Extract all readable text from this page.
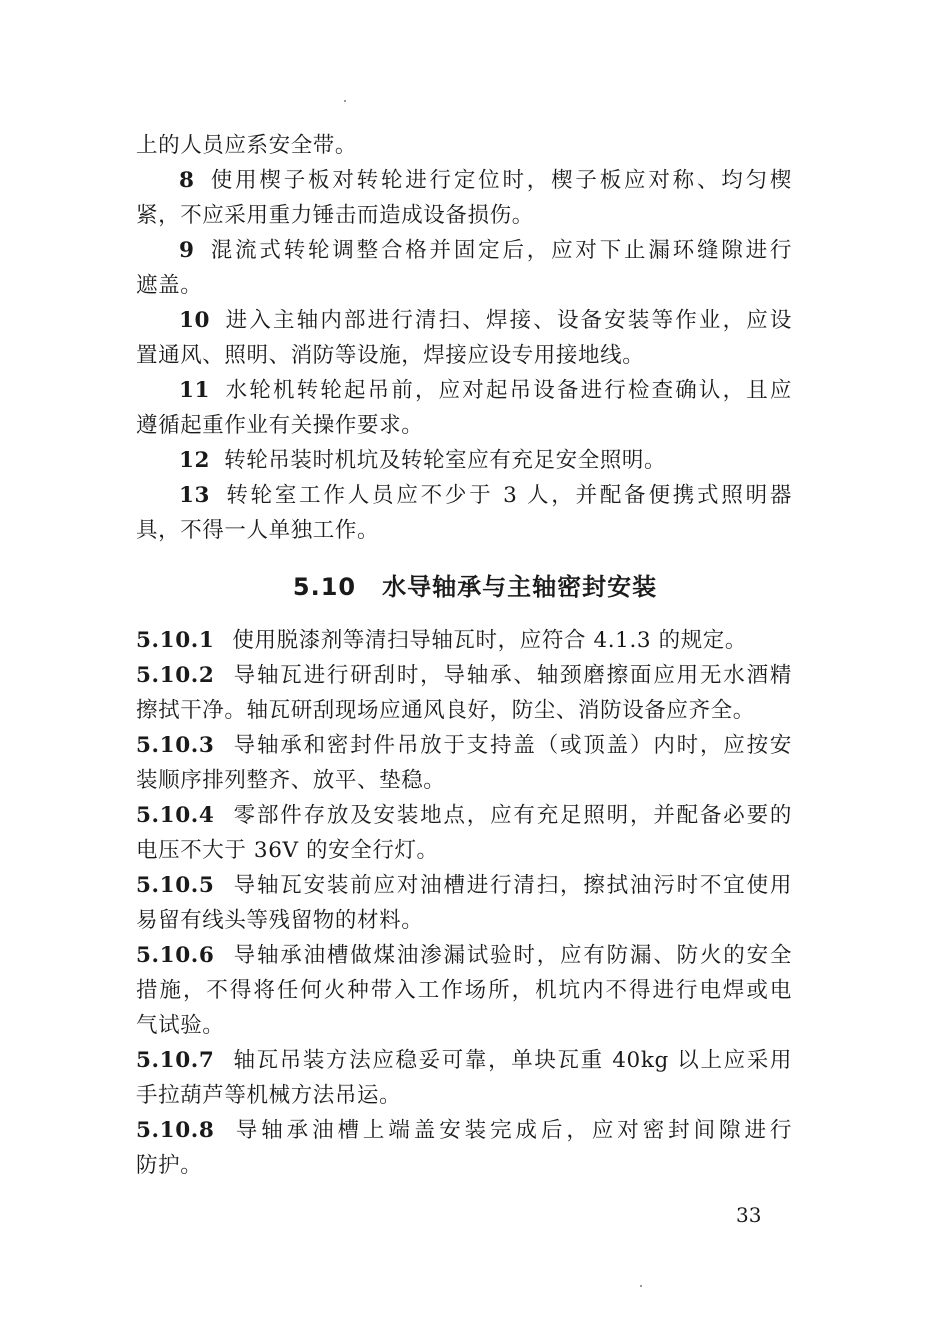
上的人员应系安全带。
8 使用楔子板对转轮进行定位时，楔子板应对称、均匀楔
紧，不应采用重力锤击而造成设备损伤。
9 混流式转轮调整合格并固定后，应对下止漏环缝隙进行
遮盖。
10 进入主轴内部进行清扫、焊接、设备安装等作业，应设
置通风、照明、消防等设施，焊接应设专用接地线。
11 水轮机转轮起吊前，应对起吊设备进行检查确认，且应
遵循起重作业有关操作要求。
12 转轮吊装时机坑及转轮室应有充足安全照明。
13 转轮室工作人员应不少于 3 人，并配备便携式照明器
具，不得一人单独工作。
5.10 水导轴承与主轴密封安装
5.10.1 使用脱漆剂等清扫导轴瓦时，应符合 4.1.3 的规定。
5.10.2 导轴瓦进行研刮时，导轴承、轴颈磨擦面应用无水酒精
擦拭干净。轴瓦研刮现场应通风良好，防尘、消防设备应齐全。
5.10.3 导轴承和密封件吊放于支持盖（或顶盖）内时，应按安
装顺序排列整齐、放平、垫稳。
5.10.4 零部件存放及安装地点，应有充足照明，并配备必要的
电压不大于 36V 的安全行灯。
5.10.5 导轴瓦安装前应对油槽进行清扫，擦拭油污时不宜使用
易留有线头等残留物的材料。
5.10.6 导轴承油槽做煤油渗漏试验时，应有防漏、防火的安全
措施，不得将任何火种带入工作场所，机坑内不得进行电焊或电
气试验。
5.10.7 轴瓦吊装方法应稳妥可靠，单块瓦重 40kg 以上应采用
手拉葫芦等机械方法吊运。
5.10.8 导轴承油槽上端盖安装完成后，应对密封间隙进行
防护。
33
